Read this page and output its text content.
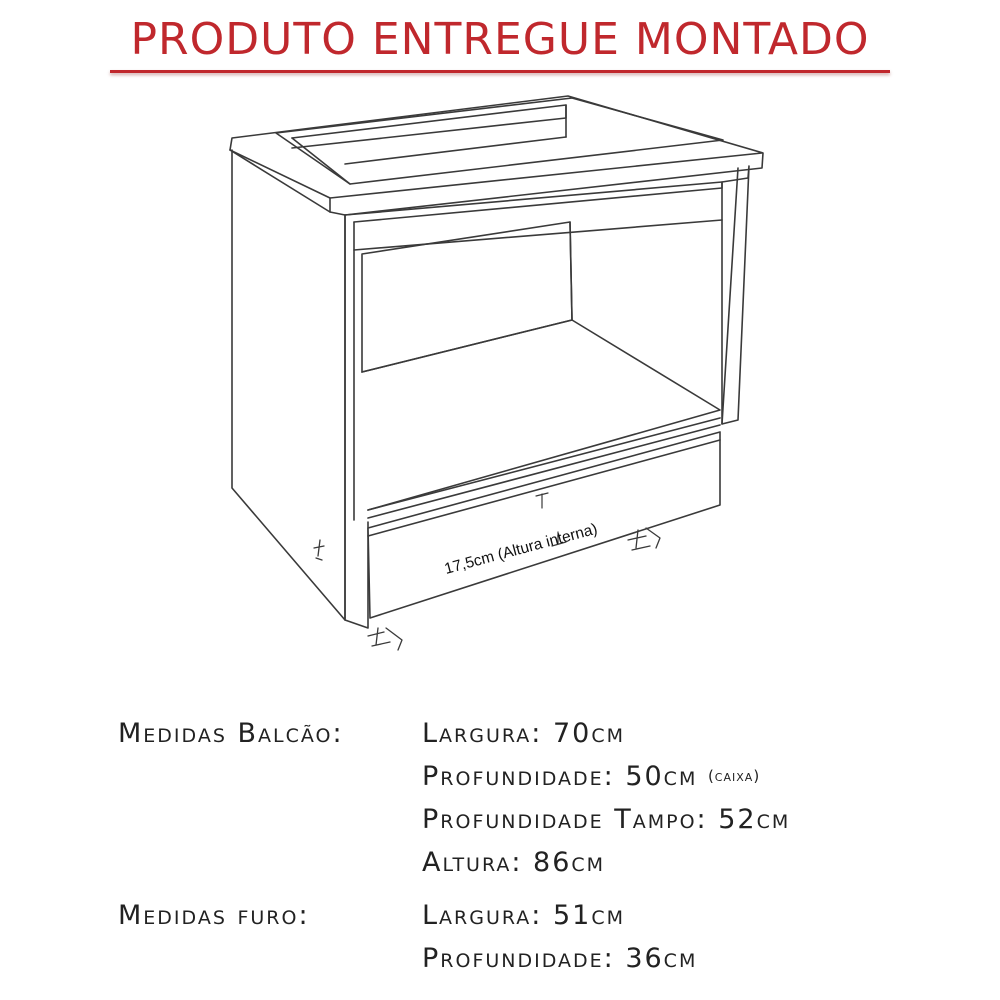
PRODUTO ENTREGUE MONTADO
17,5cm (Altura interna)
Medidas Balcão:	Largura: 70cm
Profundidade: 50cm (caixa)
Profundidade Tampo: 52cm
Altura: 86cm
Medidas furo:	Largura: 51cm
Profundidade: 36cm
